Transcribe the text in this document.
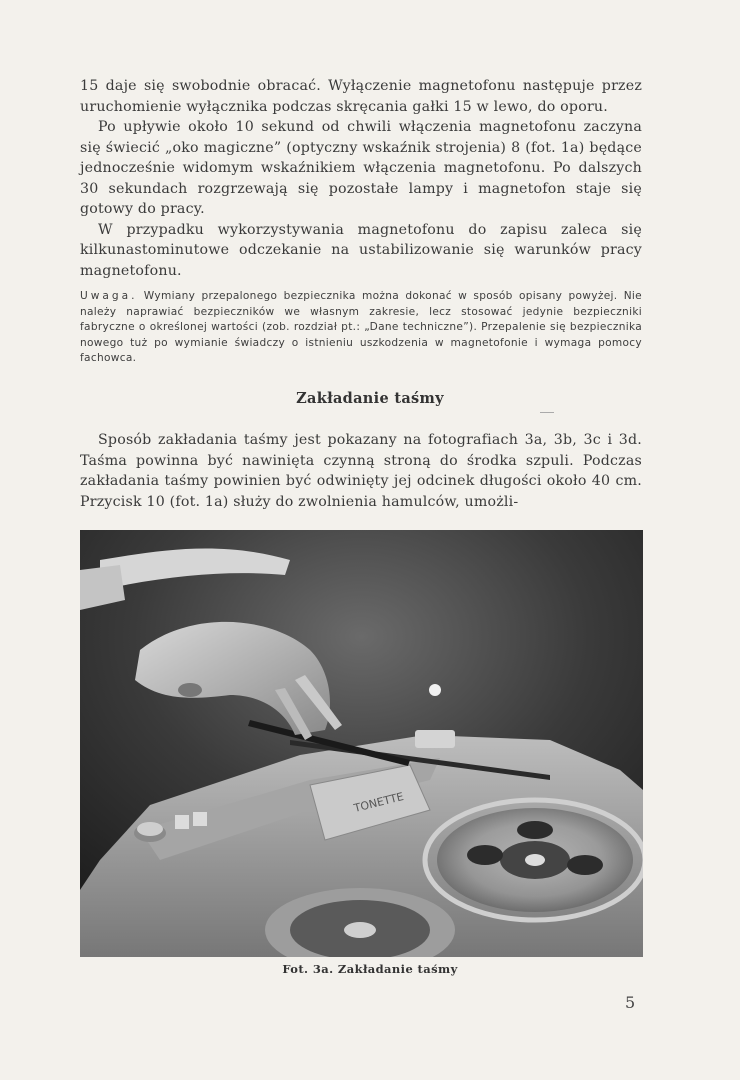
15 daje się swobodnie obracać. Wyłączenie magnetofonu następuje przez uruchomienie wyłącznika podczas skręcania gałki 15 w lewo, do oporu.

Po upływie około 10 sekund od chwili włączenia magnetofonu zaczyna się świecić „oko magiczne” (optyczny wskaźnik strojenia) 8 (fot. 1a) będące jednocześnie widomym wskaźnikiem włączenia magnetofonu. Po dalszych 30 sekundach rozgrzewają się pozostałe lampy i magnetofon staje się gotowy do pracy.

W przypadku wykorzystywania magnetofonu do zapisu zaleca się kilkunastominutowe odczekanie na ustabilizowanie się warunków pracy magnetofonu.

Uwaga. Wymiany przepalonego bezpiecznika można dokonać w sposób opisany powyżej. Nie należy naprawiać bezpieczników we własnym zakresie, lecz stosować jedynie bezpieczniki fabryczne o określonej wartości (zob. rozdział pt.: „Dane techniczne”). Przepalenie się bezpiecznika nowego tuż po wymianie świadczy o istnieniu uszkodzenia w magnetofonie i wymaga pomocy fachowca.
Zakładanie taśmy

Sposób zakładania taśmy jest pokazany na fotografiach 3a, 3b, 3c i 3d. Taśma powinna być nawinięta czynną stroną do środka szpuli. Podczas zakładania taśmy powinien być odwinięty jej odcinek długości około 40 cm. Przycisk 10 (fot. 1a) służy do zwolnienia hamulców, umożli-

TONETTE
Fot. 3a. Zakładanie taśmy
5
